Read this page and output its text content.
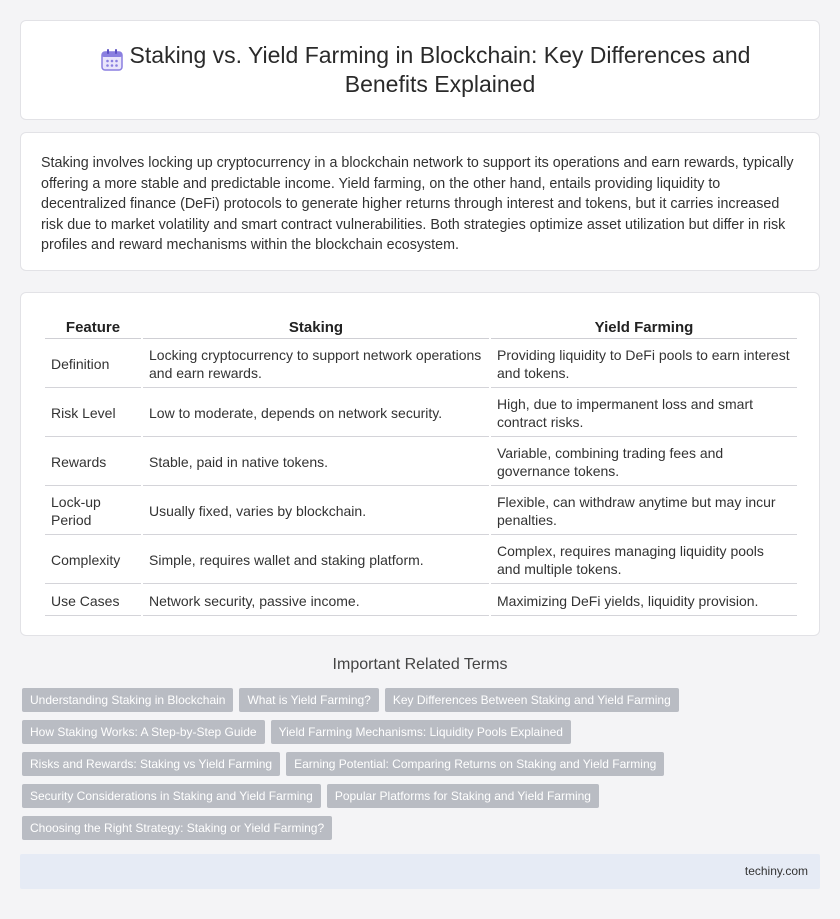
Staking vs. Yield Farming in Blockchain: Key Differences and Benefits Explained

Staking involves locking up cryptocurrency in a blockchain network to support its operations and earn rewards, typically offering a more stable and predictable income. Yield farming, on the other hand, entails providing liquidity to decentralized finance (DeFi) protocols to generate higher returns through interest and tokens, but it carries increased risk due to market volatility and smart contract vulnerabilities. Both strategies optimize asset utilization but differ in risk profiles and reward mechanisms within the blockchain ecosystem.

Feature	Staking	Yield Farming
Definition	Locking cryptocurrency to support network operations and earn rewards.	Providing liquidity to DeFi pools to earn interest and tokens.
Risk Level	Low to moderate, depends on network security.	High, due to impermanent loss and smart contract risks.
Rewards	Stable, paid in native tokens.	Variable, combining trading fees and governance tokens.
Lock-up Period	Usually fixed, varies by blockchain.	Flexible, can withdraw anytime but may incur penalties.
Complexity	Simple, requires wallet and staking platform.	Complex, requires managing liquidity pools and multiple tokens.
Use Cases	Network security, passive income.	Maximizing DeFi yields, liquidity provision.
Important Related Terms
Understanding Staking in Blockchain	What is Yield Farming?	Key Differences Between Staking and Yield Farming
How Staking Works: A Step-by-Step Guide	Yield Farming Mechanisms: Liquidity Pools Explained
Risks and Rewards: Staking vs Yield Farming	Earning Potential: Comparing Returns on Staking and Yield Farming
Security Considerations in Staking and Yield Farming	Popular Platforms for Staking and Yield Farming
Choosing the Right Strategy: Staking or Yield Farming?
techiny.com
